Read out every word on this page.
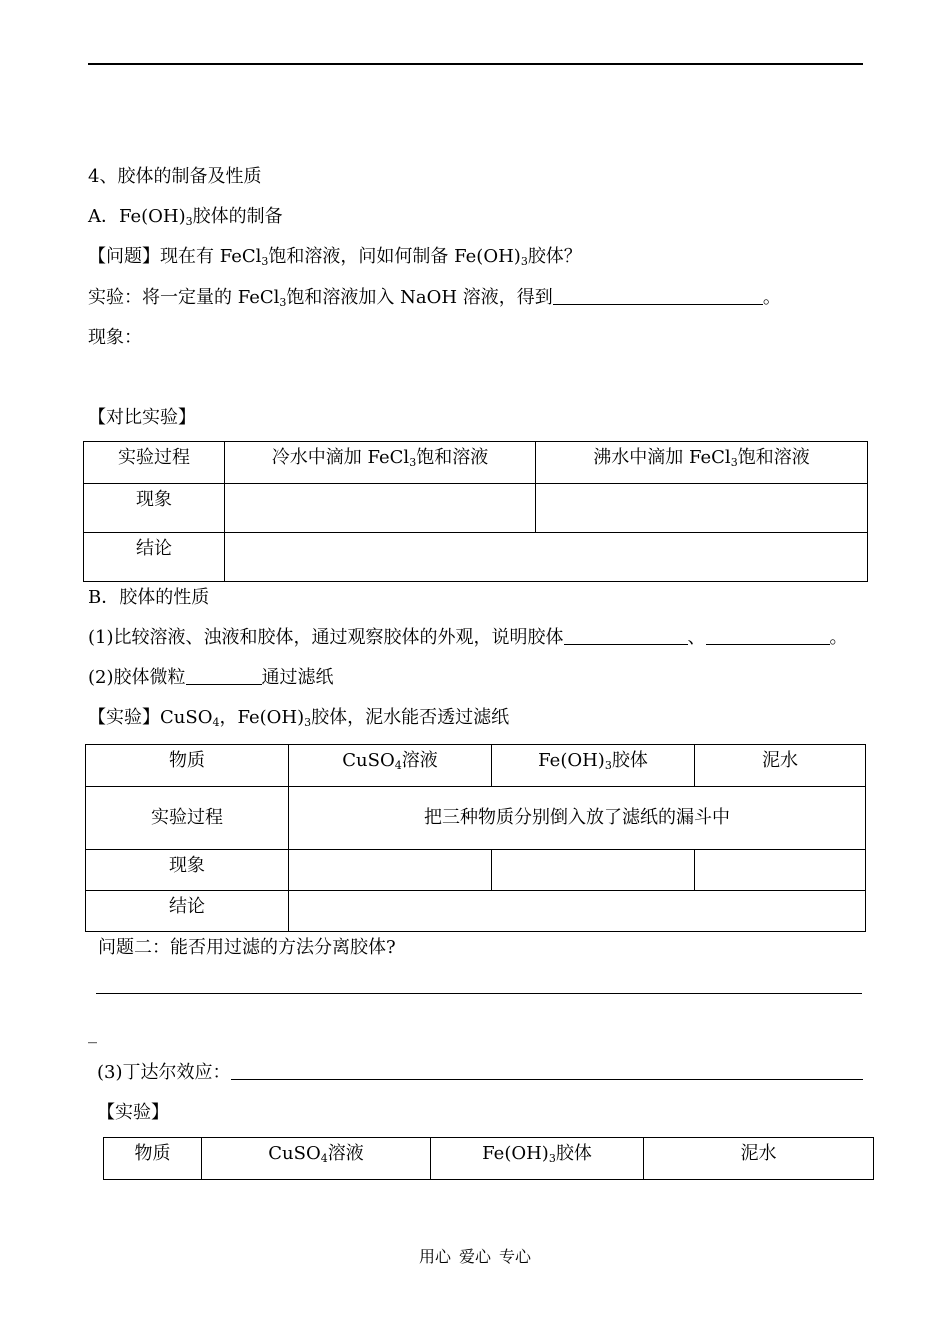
4、胶体的制备及性质
A．$Fe(OH)_3$胶体的制备
【问题】现在有 FeCl$_3$饱和溶液，问如何制备 $Fe(OH)_3$胶体？
实验：将一定量的 FeCl$_3$饱和溶液加入 NaOH 溶液，得到	。
现象：
【对比实验】
实验过程	冷水中滴加 FeCl$_3$饱和溶液	沸水中滴加 FeCl$_3$饱和溶液
现象		
结论		
B．胶体的性质
(1)比较溶液、浊液和胶体，通过观察胶体的外观，说明胶体	、	。
(2)胶体微粒	通过滤纸
【实验】CuSO$_4$，$Fe(OH)_3$胶体，泥水能否透过滤纸
物质	CuSO$_4$溶液	$Fe(OH)_3$胶体	泥水
实验过程	把三种物质分别倒入放了滤纸的漏斗中		
现象			
结论			
问题二：能否用过滤的方法分离胶体?
_
(3)丁达尔效应：
【实验】
物质	CuSO$_4$溶液	$Fe(OH)_3$胶体	泥水
用心 爱心 专心
